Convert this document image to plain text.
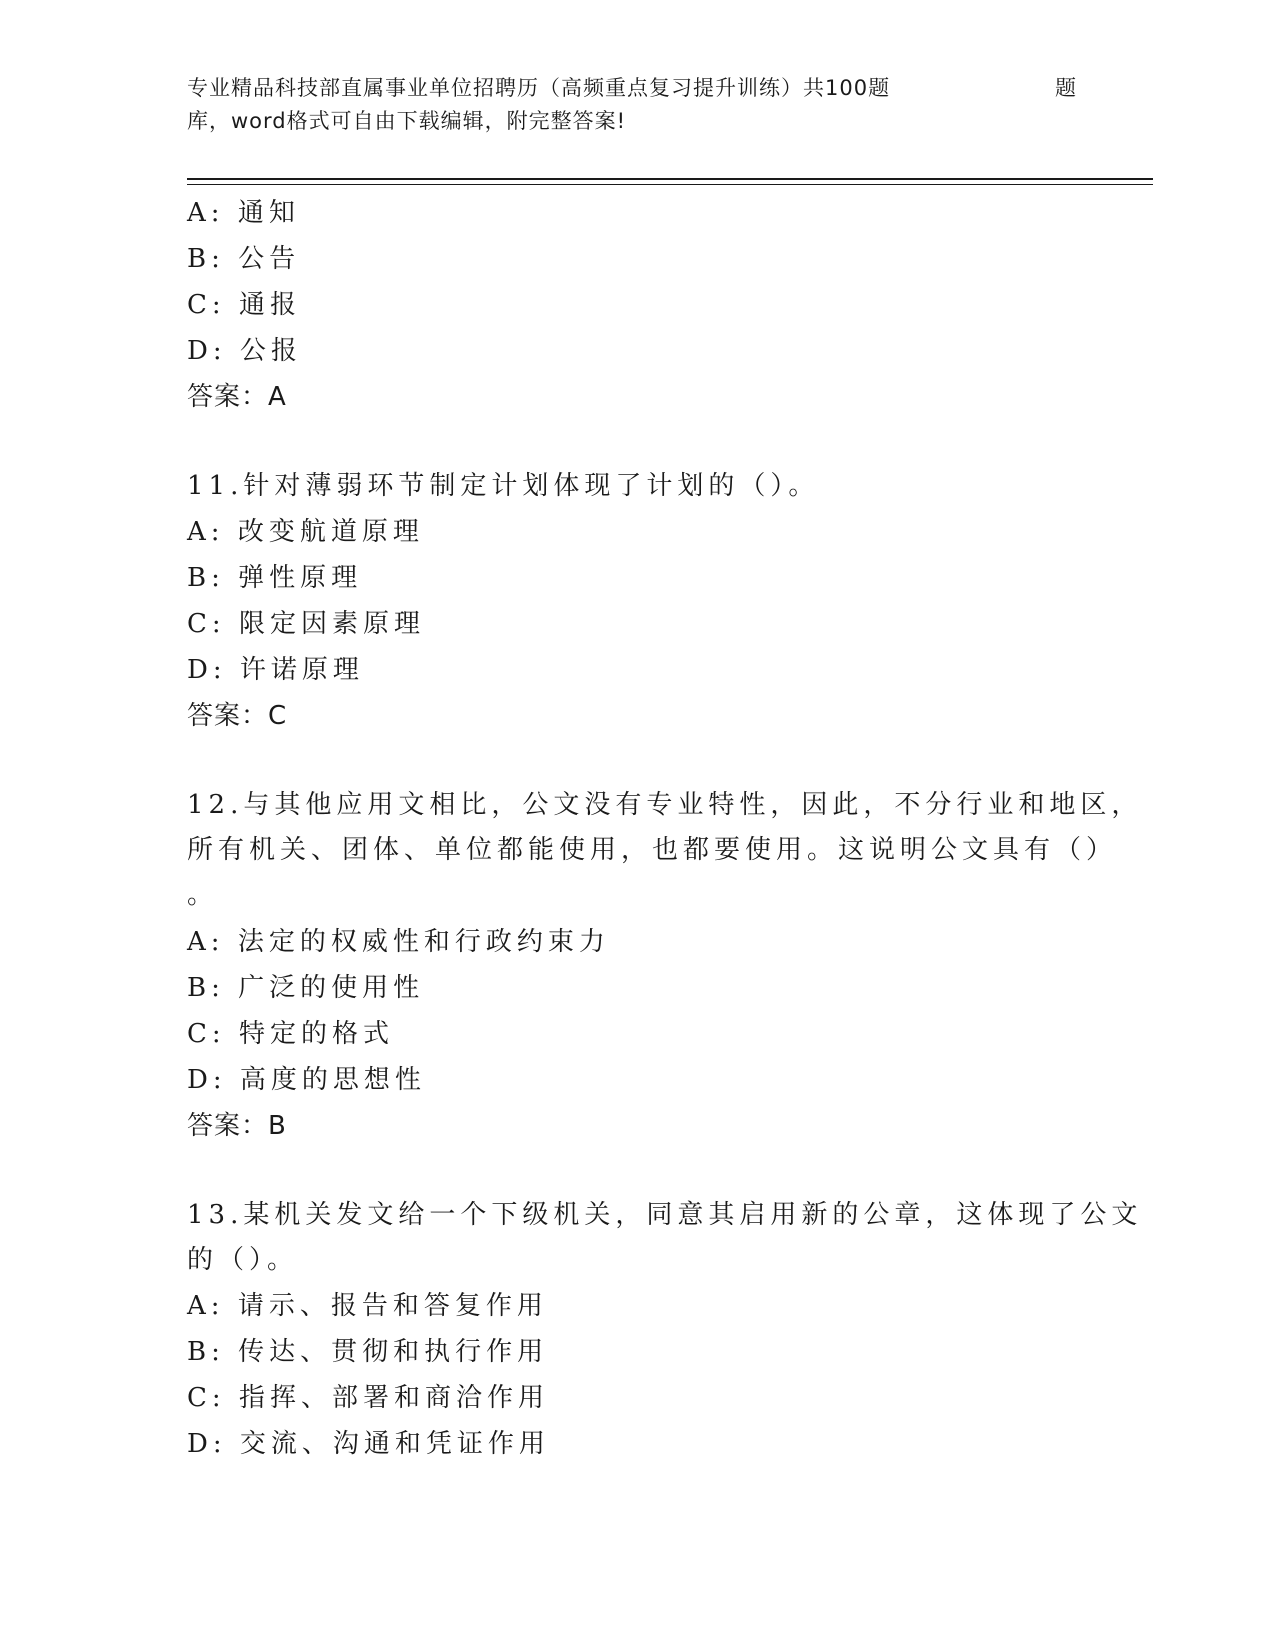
专业精品科技部直属事业单位招聘历（高频重点复习提升训练）共100题	题
库，word格式可自由下载编辑，附完整答案!
A: 通知
B: 公告
C: 通报
D: 公报
答案：A
11.针对薄弱环节制定计划体现了计划的（）。
A: 改变航道原理
B: 弹性原理
C: 限定因素原理
D: 许诺原理
答案：C
12.与其他应用文相比，公文没有专业特性，因此，不分行业和地区，
所有机关、团体、单位都能使用，也都要使用。这说明公文具有（）
。
A: 法定的权威性和行政约束力
B: 广泛的使用性
C: 特定的格式
D: 高度的思想性
答案：B
13.某机关发文给一个下级机关，同意其启用新的公章，这体现了公文
的（）。
A: 请示、报告和答复作用
B: 传达、贯彻和执行作用
C: 指挥、部署和商洽作用
D: 交流、沟通和凭证作用
